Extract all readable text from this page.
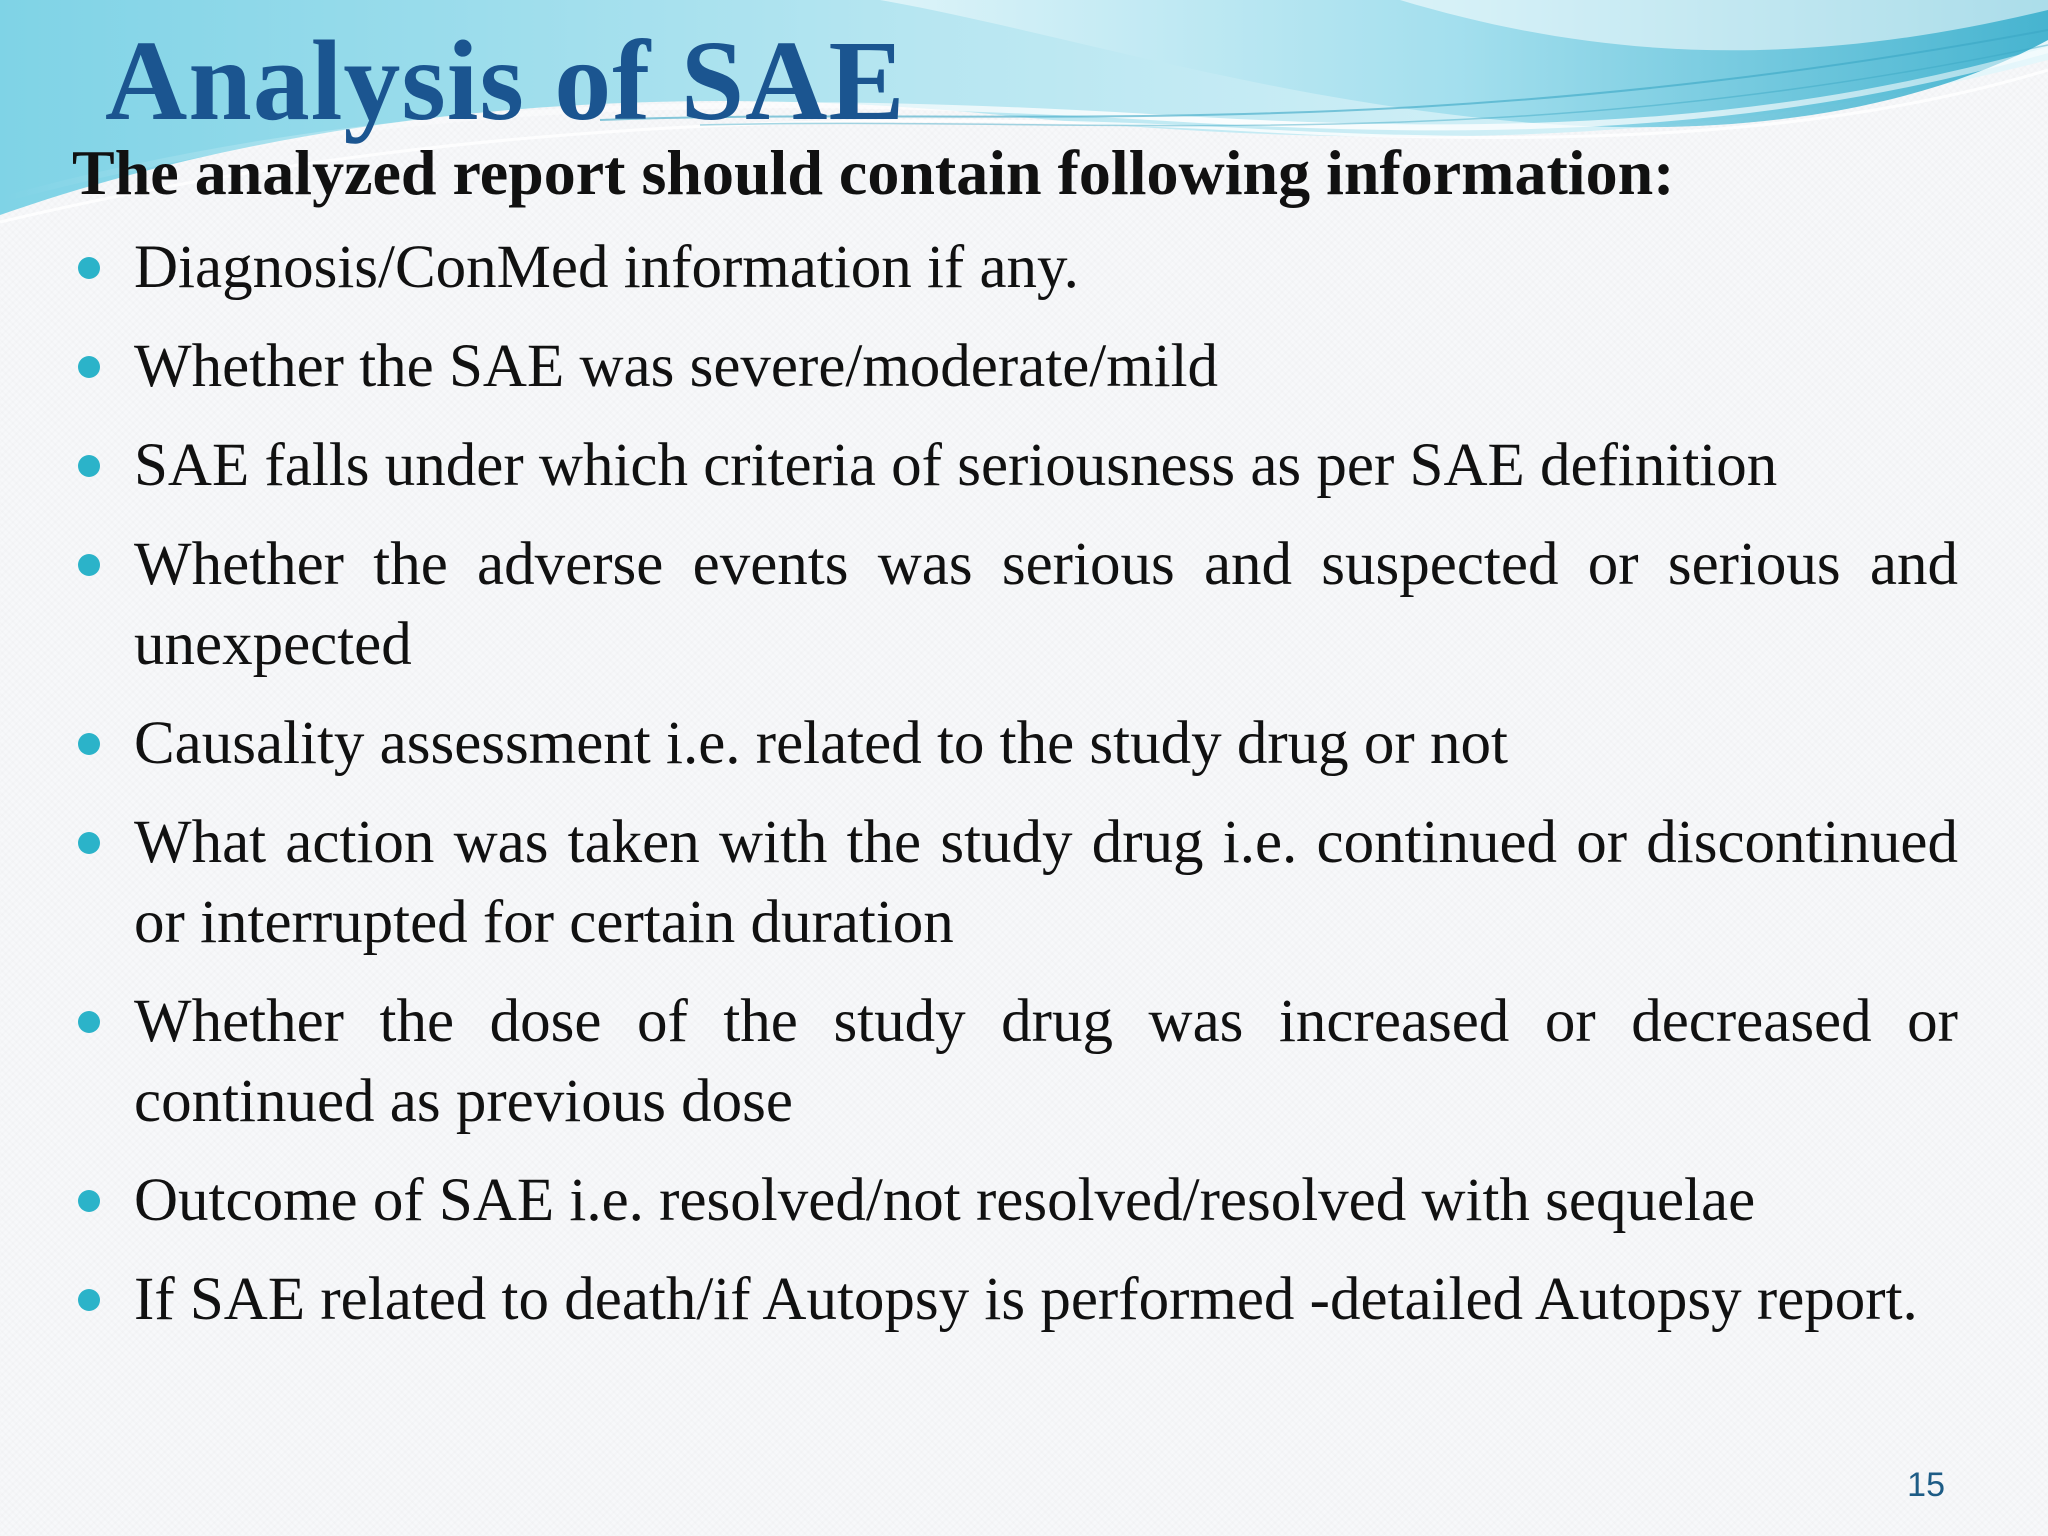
Analysis of SAE

The analyzed report should contain following information:

Diagnosis/ConMed information if any.
Whether the SAE was severe/moderate/mild
SAE falls under which criteria of seriousness as per SAE definition
Whether the adverse events was serious and suspected or serious and unexpected
Causality assessment i.e. related to the study drug or not
What action was taken with the study drug i.e. continued or discontinued or interrupted for certain duration
Whether the dose of the study drug was increased or decreased or continued as previous dose
Outcome of SAE i.e. resolved/not resolved/resolved with sequelae
If SAE related to death/if Autopsy is performed -detailed Autopsy report.
15
